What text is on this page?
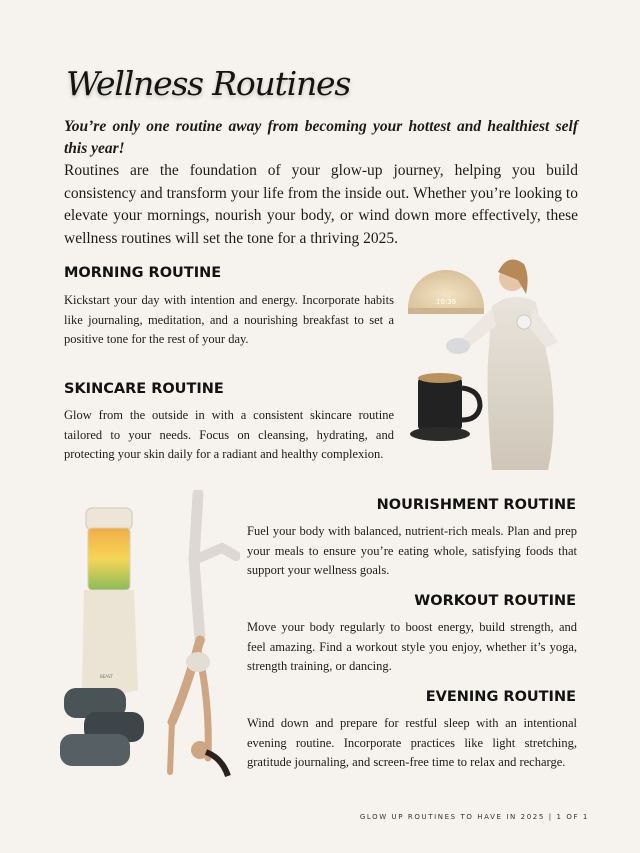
Wellness Routines
You’re only one routine away from becoming your hottest and healthiest self this year!
Routines are the foundation of your glow-up journey, helping you build consistency and transform your life from the inside out. Whether you’re looking to elevate your mornings, nourish your body, or wind down more effectively, these wellness routines will set the tone for a thriving 2025.
MORNING ROUTINE
Kickstart your day with intention and energy. Incorporate habits like journaling, meditation, and a nourishing breakfast to set a positive tone for the rest of your day.
SKINCARE ROUTINE
Glow from the outside in with a consistent skincare routine tailored to your needs. Focus on cleansing, hydrating, and protecting your skin daily for a radiant and healthy complexion.
NOURISHMENT ROUTINE
Fuel your body with balanced, nutrient-rich meals. Plan and prep your meals to ensure you’re eating whole, satisfying foods that support your wellness goals.
WORKOUT ROUTINE
Move your body regularly to boost energy, build strength, and feel amazing. Find a workout style you enjoy, whether it’s yoga, strength training, or dancing.
EVENING ROUTINE
Wind down and prepare for restful sleep with an intentional evening routine. Incorporate practices like light stretching, gratitude journaling, and screen-free time to relax and recharge.
10:36
BEAST
GLOW UP ROUTINES TO HAVE IN 2025 | 1 OF 1
